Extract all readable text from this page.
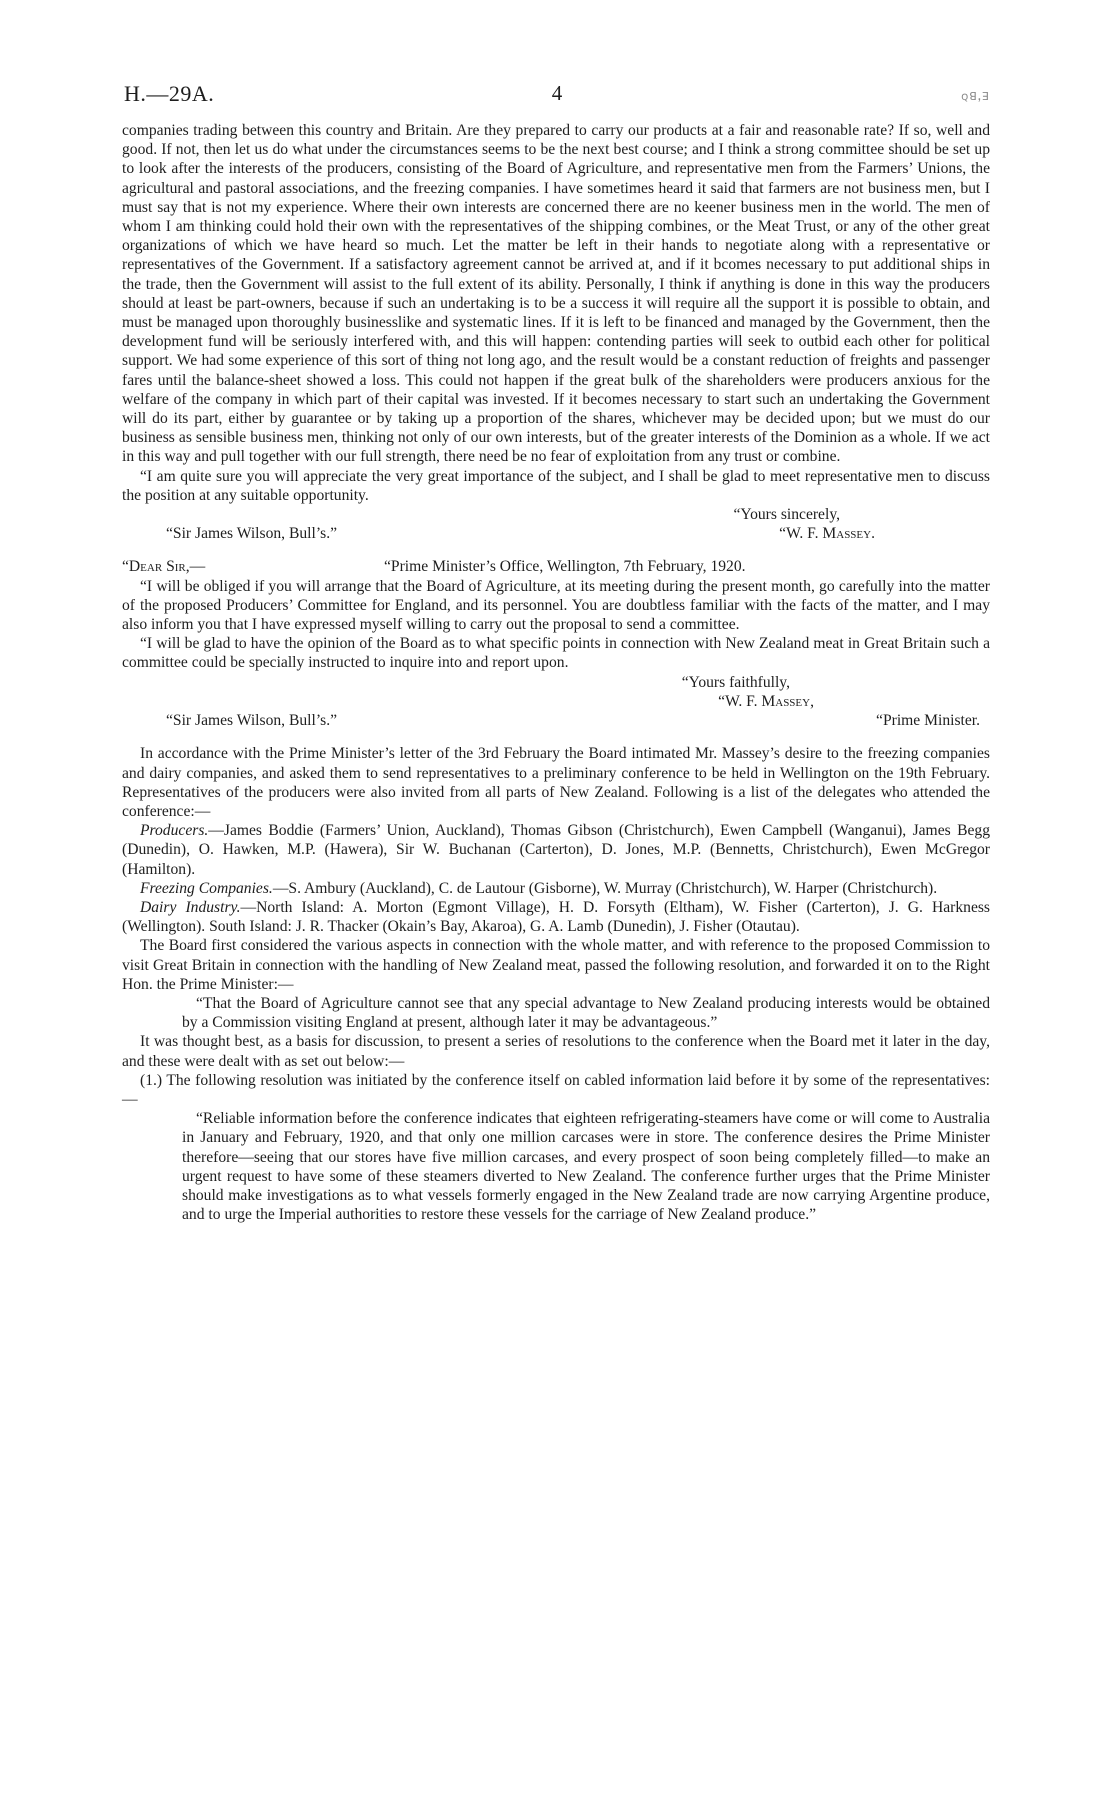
H.—29A.	4	ꞯꓭꓹꓱ

companies trading between this country and Britain. Are they prepared to carry our products at a fair and reasonable rate? If so, well and good. If not, then let us do what under the circumstances seems to be the next best course; and I think a strong committee should be set up to look after the interests of the producers, consisting of the Board of Agriculture, and representative men from the Farmers’ Unions, the agricultural and pastoral associations, and the freezing companies. I have sometimes heard it said that farmers are not business men, but I must say that is not my experience. Where their own interests are concerned there are no keener business men in the world. The men of whom I am thinking could hold their own with the representatives of the shipping combines, or the Meat Trust, or any of the other great organizations of which we have heard so much. Let the matter be left in their hands to negotiate along with a representative or representatives of the Government. If a satisfactory agreement cannot be arrived at, and if it bcomes necessary to put additional ships in the trade, then the Government will assist to the full extent of its ability. Personally, I think if anything is done in this way the producers should at least be part-owners, because if such an undertaking is to be a success it will require all the support it is possible to obtain, and must be managed upon thoroughly businesslike and systematic lines. If it is left to be financed and managed by the Government, then the development fund will be seriously interfered with, and this will happen: contending parties will seek to outbid each other for political support. We had some experience of this sort of thing not long ago, and the result would be a constant reduction of freights and passenger fares until the balance-sheet showed a loss. This could not happen if the great bulk of the shareholders were producers anxious for the welfare of the company in which part of their capital was invested. If it becomes necessary to start such an undertaking the Government will do its part, either by guarantee or by taking up a proportion of the shares, whichever may be decided upon; but we must do our business as sensible business men, thinking not only of our own interests, but of the greater interests of the Dominion as a whole. If we act in this way and pull together with our full strength, there need be no fear of exploitation from any trust or combine.

“I am quite sure you will appreciate the very great importance of the subject, and I shall be glad to meet representative men to discuss the position at any suitable opportunity.

“Yours sincerely,
“Sir James Wilson, Bull’s.”	“W. F. Massey.
“Dear Sir,—	“Prime Minister’s Office, Wellington, 7th February, 1920.

“I will be obliged if you will arrange that the Board of Agriculture, at its meeting during the present month, go carefully into the matter of the proposed Producers’ Committee for England, and its personnel. You are doubtless familiar with the facts of the matter, and I may also inform you that I have expressed myself willing to carry out the proposal to send a committee.

“I will be glad to have the opinion of the Board as to what specific points in connection with New Zealand meat in Great Britain such a committee could be specially instructed to inquire into and report upon.

“Yours faithfully,
“W. F. Massey,
“Sir James Wilson, Bull’s.”	“Prime Minister.

In accordance with the Prime Minister’s letter of the 3rd February the Board intimated Mr. Massey’s desire to the freezing companies and dairy companies, and asked them to send representatives to a preliminary conference to be held in Wellington on the 19th February. Representatives of the producers were also invited from all parts of New Zealand. Following is a list of the delegates who attended the conference:—

Producers.—James Boddie (Farmers’ Union, Auckland), Thomas Gibson (Christchurch), Ewen Campbell (Wanganui), James Begg (Dunedin), O. Hawken, M.P. (Hawera), Sir W. Buchanan (Carterton), D. Jones, M.P. (Bennetts, Christchurch), Ewen McGregor (Hamilton).

Freezing Companies.—S. Ambury (Auckland), C. de Lautour (Gisborne), W. Murray (Christchurch), W. Harper (Christchurch).

Dairy Industry.—North Island: A. Morton (Egmont Village), H. D. Forsyth (Eltham), W. Fisher (Carterton), J. G. Harkness (Wellington). South Island: J. R. Thacker (Okain’s Bay, Akaroa), G. A. Lamb (Dunedin), J. Fisher (Otautau).

The Board first considered the various aspects in connection with the whole matter, and with reference to the proposed Commission to visit Great Britain in connection with the handling of New Zealand meat, passed the following resolution, and forwarded it on to the Right Hon. the Prime Minister:—

“That the Board of Agriculture cannot see that any special advantage to New Zealand producing interests would be obtained by a Commission visiting England at present, although later it may be advantageous.”

It was thought best, as a basis for discussion, to present a series of resolutions to the conference when the Board met it later in the day, and these were dealt with as set out below:—

(1.) The following resolution was initiated by the conference itself on cabled information laid before it by some of the representatives:—

“Reliable information before the conference indicates that eighteen refrigerating-steamers have come or will come to Australia in January and February, 1920, and that only one million carcases were in store. The conference desires the Prime Minister therefore—seeing that our stores have five million carcases, and every prospect of soon being completely filled—to make an urgent request to have some of these steamers diverted to New Zealand. The conference further urges that the Prime Minister should make investigations as to what vessels formerly engaged in the New Zealand trade are now carrying Argentine produce, and to urge the Imperial authorities to restore these vessels for the carriage of New Zealand produce.”
